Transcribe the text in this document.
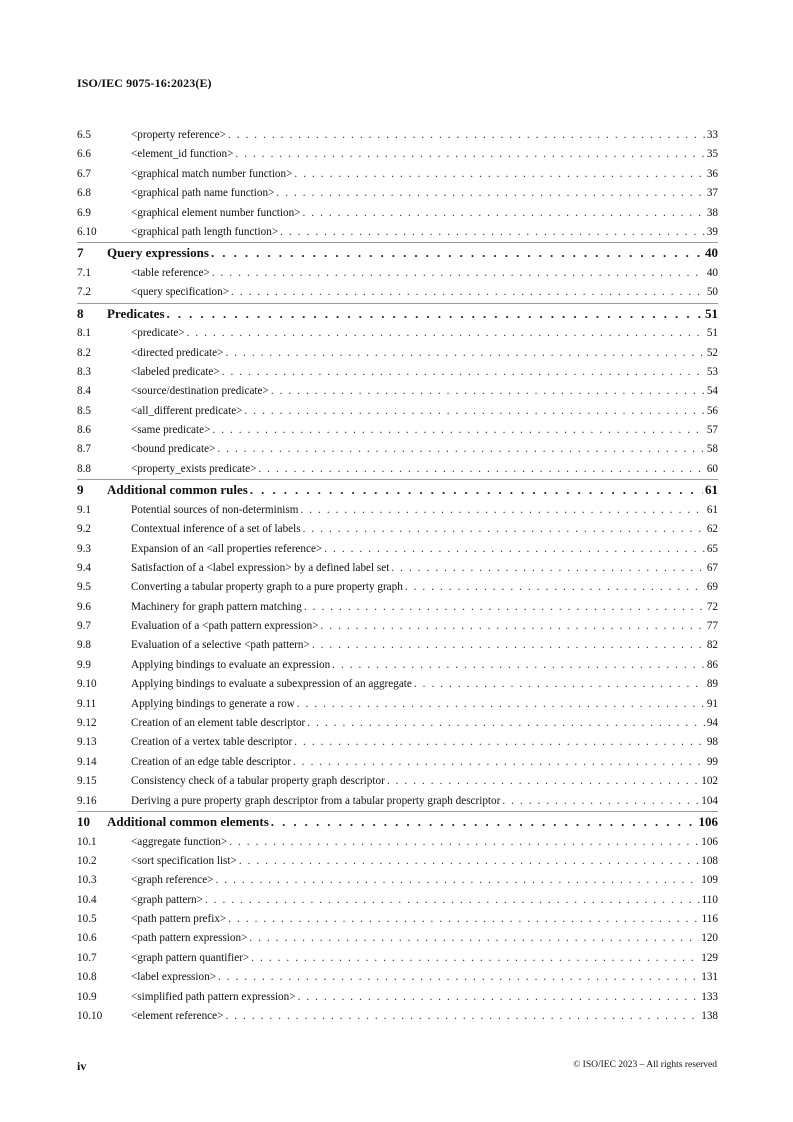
ISO/IEC 9075-16:2023(E)
6.5	<property reference> . . .	33
6.6	<element_id function> . . .	35
6.7	<graphical match number function> . . .	36
6.8	<graphical path name function> . . .	37
6.9	<graphical element number function> . . .	38
6.10	<graphical path length function> . . .	39
7	Query expressions . . .	40
7.1	<table reference> . . .	40
7.2	<query specification> . . .	50
8	Predicates . . .	51
8.1	<predicate> . . .	51
8.2	<directed predicate> . . .	52
8.3	<labeled predicate> . . .	53
8.4	<source/destination predicate> . . .	54
8.5	<all_different predicate> . . .	56
8.6	<same predicate> . . .	57
8.7	<bound predicate> . . .	58
8.8	<property_exists predicate> . . .	60
9	Additional common rules . . .	61
9.1	Potential sources of non-determinism . . .	61
9.2	Contextual inference of a set of labels . . .	62
9.3	Expansion of an <all properties reference> . . .	65
9.4	Satisfaction of a <label expression> by a defined label set . . .	67
9.5	Converting a tabular property graph to a pure property graph . . .	69
9.6	Machinery for graph pattern matching . . .	72
9.7	Evaluation of a <path pattern expression> . . .	77
9.8	Evaluation of a selective <path pattern> . . .	82
9.9	Applying bindings to evaluate an expression . . .	86
9.10	Applying bindings to evaluate a subexpression of an aggregate . . .	89
9.11	Applying bindings to generate a row . . .	91
9.12	Creation of an element table descriptor . . .	94
9.13	Creation of a vertex table descriptor . . .	98
9.14	Creation of an edge table descriptor . . .	99
9.15	Consistency check of a tabular property graph descriptor . . .	102
9.16	Deriving a pure property graph descriptor from a tabular property graph descriptor . . .	104
10	Additional common elements . . .	106
10.1	<aggregate function> . . .	106
10.2	<sort specification list> . . .	108
10.3	<graph reference> . . .	109
10.4	<graph pattern> . . .	110
10.5	<path pattern prefix> . . .	116
10.6	<path pattern expression> . . .	120
10.7	<graph pattern quantifier> . . .	129
10.8	<label expression> . . .	131
10.9	<simplified path pattern expression> . . .	133
10.10	<element reference> . . .	138
iv	© ISO/IEC 2023 – All rights reserved
